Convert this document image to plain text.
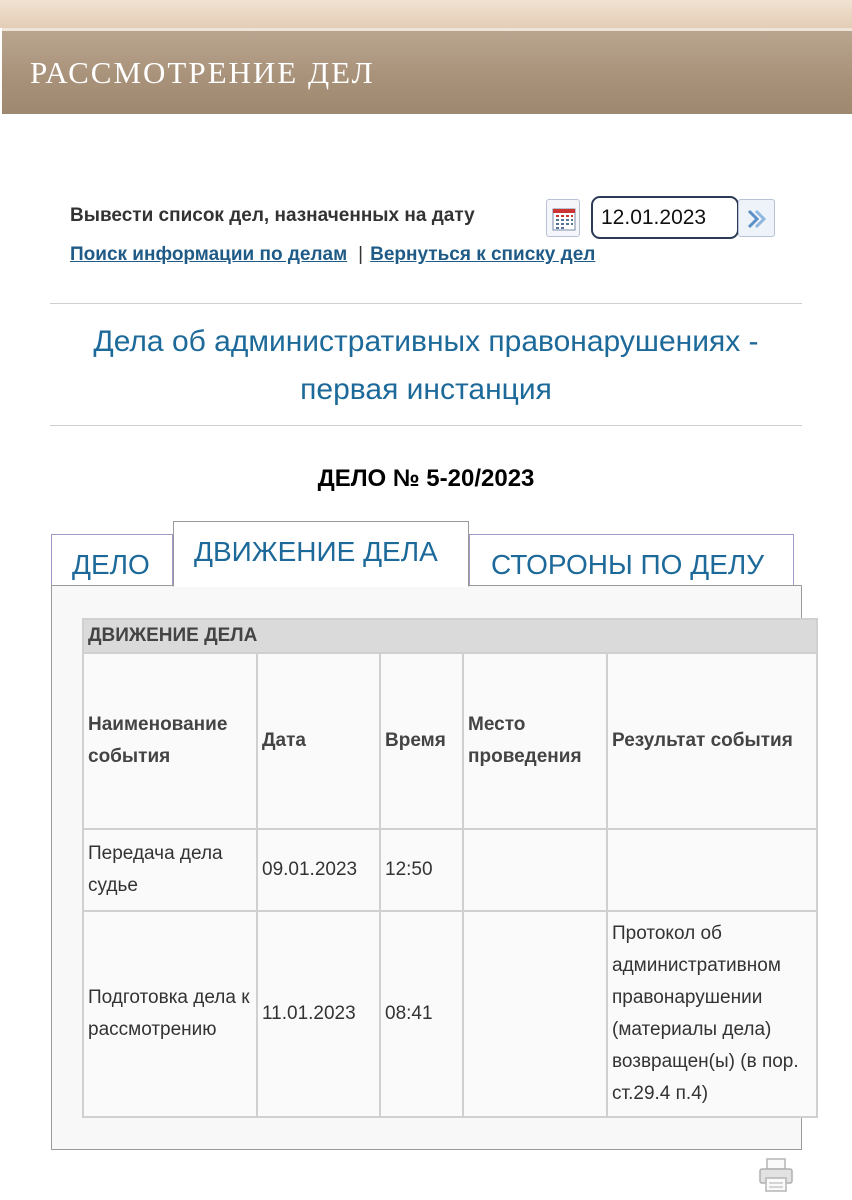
РАССМОТРЕНИЕ ДЕЛ
Вывести список дел, назначенных на дату
12.01.2023
Поиск информации по делам | Вернуться к списку дел
Дела об административных правонарушениях -
первая инстанция
ДЕЛО № 5-20/2023
ДЕЛО	ДВИЖЕНИЕ ДЕЛА	СТОРОНЫ ПО ДЕЛУ
ДВИЖЕНИЕ ДЕЛА				
Наименование события	Дата	Время	Место проведения	Результат события
Передача дела судье	09.01.2023	12:50		
Подготовка дела к рассмотрению	11.01.2023	08:41		Протокол об административном правонарушении (материалы дела) возвращен(ы) (в пор. ст.29.4 п.4)
